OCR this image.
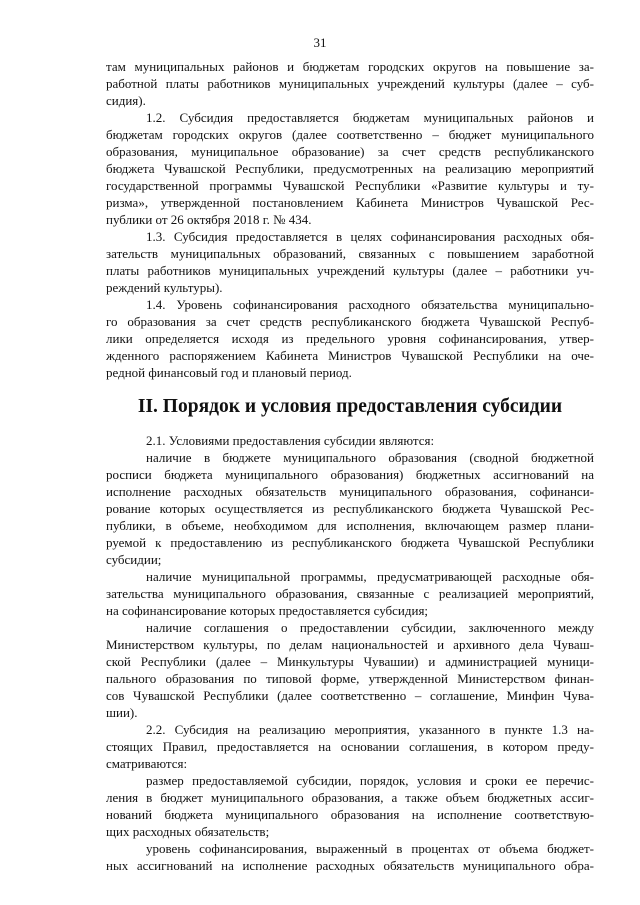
31
там муниципальных районов и бюджетам городских округов на повышение за-
работной платы работников муниципальных учреждений культуры (далее – суб-
сидия).
1.2. Субсидия предоставляется бюджетам муниципальных районов и
бюджетам городских округов (далее соответственно – бюджет муниципального
образования, муниципальное образование) за счет средств республиканского
бюджета Чувашской Республики, предусмотренных на реализацию мероприятий
государственной программы Чувашской Республики «Развитие культуры и ту-
ризма», утвержденной постановлением Кабинета Министров Чувашской Рес-
публики от 26 октября 2018 г. № 434.
1.3. Субсидия предоставляется в целях софинансирования расходных обя-
зательств муниципальных образований, связанных с повышением заработной
платы работников муниципальных учреждений культуры (далее – работники уч-
реждений культуры).
1.4. Уровень софинансирования расходного обязательства муниципально-
го образования за счет средств республиканского бюджета Чувашской Респуб-
лики определяется исходя из предельного уровня софинансирования, утвер-
жденного распоряжением Кабинета Министров Чувашской Республики на оче-
редной финансовый год и плановый период.
II. Порядок и условия предоставления субсидии
2.1. Условиями предоставления субсидии являются:
наличие в бюджете муниципального образования (сводной бюджетной
росписи бюджета муниципального образования) бюджетных ассигнований на
исполнение расходных обязательств муниципального образования, софинанси-
рование которых осуществляется из республиканского бюджета Чувашской Рес-
публики, в объеме, необходимом для исполнения, включающем размер плани-
руемой к предоставлению из республиканского бюджета Чувашской Республики
субсидии;
наличие муниципальной программы, предусматривающей расходные обя-
зательства муниципального образования, связанные с реализацией мероприятий,
на софинансирование которых предоставляется субсидия;
наличие соглашения о предоставлении субсидии, заключенного между
Министерством культуры, по делам национальностей и архивного дела Чуваш-
ской Республики (далее – Минкультуры Чувашии) и администрацией муници-
пального образования по типовой форме, утвержденной Министерством финан-
сов Чувашской Республики (далее соответственно – соглашение, Минфин Чува-
шии).
2.2. Субсидия на реализацию мероприятия, указанного в пункте 1.3 на-
стоящих Правил, предоставляется на основании соглашения, в котором преду-
сматриваются:
размер предоставляемой субсидии, порядок, условия и сроки ее перечис-
ления в бюджет муниципального образования, а также объем бюджетных ассиг-
нований бюджета муниципального образования на исполнение соответствую-
щих расходных обязательств;
уровень софинансирования, выраженный в процентах от объема бюджет-
ных ассигнований на исполнение расходных обязательств муниципального обра-
